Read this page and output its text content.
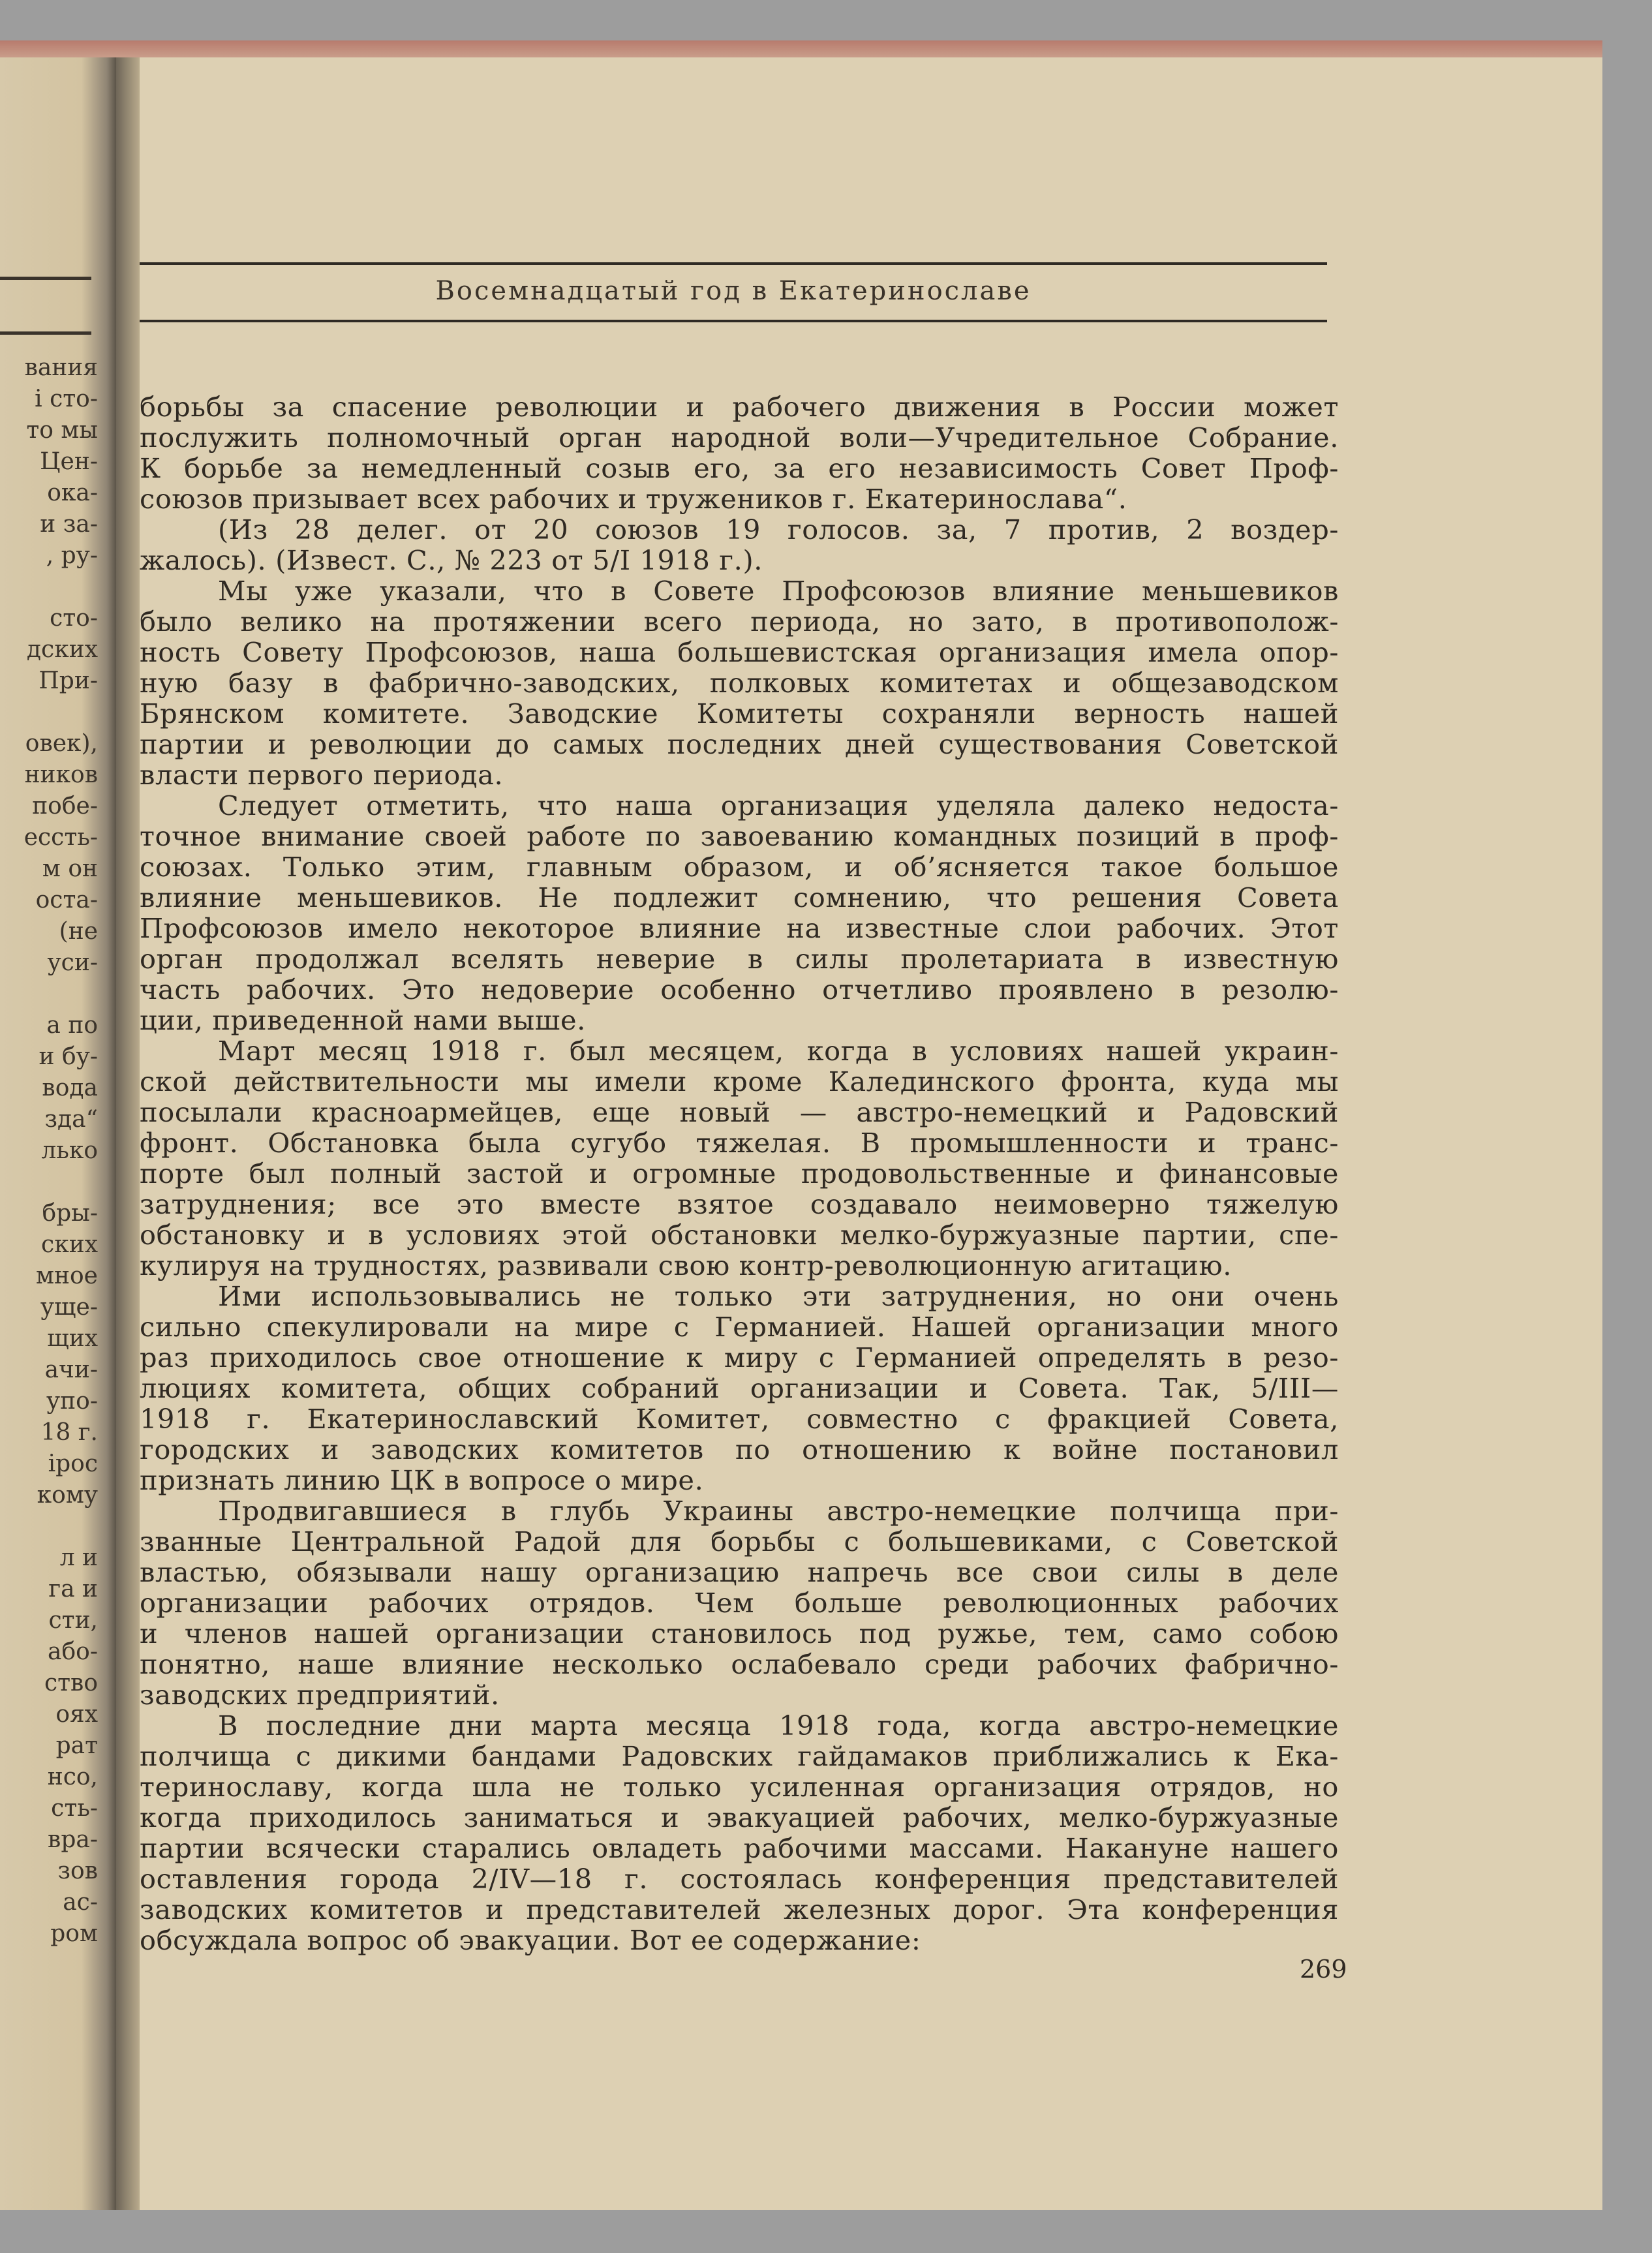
вания
і сто-
то мы
Цен-
ока-
и за-
, ру-
сто-
дских
При-
овек),
ников
побе-
ессть-
м он
оста-
(не
уси-
а по
и бу-
вода
зда“
лько
бры-
ских
мное
уще-
щих
ачи-
упо-
18 г.
ірос
кому
л и
га и
сти,
або-
ство
оях
рат
нсо,
сть-
вра-
зов
ас-
ром
Восемнадцатый год в Екатеринославе
борьбы за спасение революции и рабочего движения в России может
послужить полномочный орган народной воли—Учредительное Собрание.
К борьбе за немедленный созыв его, за его независимость Совет Проф-
союзов призывает всех рабочих и тружеников г. Екатеринослава“.
(Из 28 делег. от 20 союзов 19 голосов. за, 7 против, 2 воздер-
жалось). (Извест. С., № 223 от 5/І 1918 г.).
Мы уже указали, что в Совете Профсоюзов влияние меньшевиков
было велико на протяжении всего периода, но зато, в противополож-
ность Совету Профсоюзов, наша большевистская организация имела опор-
ную базу в фабрично-заводских, полковых комитетах и общезаводском
Брянском комитете. Заводские Комитеты сохраняли верность нашей
партии и революции до самых последних дней существования Советской
власти первого периода.
Следует отметить, что наша организация уделяла далеко недоста-
точное внимание своей работе по завоеванию командных позиций в проф-
союзах. Только этим, главным образом, и об’ясняется такое большое
влияние меньшевиков. Не подлежит сомнению, что решения Совета
Профсоюзов имело некоторое влияние на известные слои рабочих. Этот
орган продолжал вселять неверие в силы пролетариата в известную
часть рабочих. Это недоверие особенно отчетливо проявлено в резолю-
ции, приведенной нами выше.
Март месяц 1918 г. был месяцем, когда в условиях нашей украин-
ской действительности мы имели кроме Калединского фронта, куда мы
посылали красноармейцев, еще новый — австро-немецкий и Радовский
фронт. Обстановка была сугубо тяжелая. В промышленности и транс-
порте был полный застой и огромные продовольственные и финансовые
затруднения; все это вместе взятое создавало неимоверно тяжелую
обстановку и в условиях этой обстановки мелко-буржуазные партии, спе-
кулируя на трудностях, развивали свою контр-революционную агитацию.
Ими использовывались не только эти затруднения, но они очень
сильно спекулировали на мире с Германией. Нашей организации много
раз приходилось свое отношение к миру с Германией определять в резо-
люциях комитета, общих собраний организации и Совета. Так, 5/ІІІ—
1918 г. Екатеринославский Комитет, совместно с фракцией Совета,
городских и заводских комитетов по отношению к войне постановил
признать линию ЦК в вопросе о мире.
Продвигавшиеся в глубь Украины австро-немецкие полчища при-
званные Центральной Радой для борьбы с большевиками, с Советской
властью, обязывали нашу организацию напречь все свои силы в деле
организации рабочих отрядов. Чем больше революционных рабочих
и членов нашей организации становилось под ружье, тем, само собою
понятно, наше влияние несколько ослабевало среди рабочих фабрично-
заводских предприятий.
В последние дни марта месяца 1918 года, когда австро-немецкие
полчища с дикими бандами Радовских гайдамаков приближались к Ека-
теринославу, когда шла не только усиленная организация отрядов, но
когда приходилось заниматься и эвакуацией рабочих, мелко-буржуазные
партии всячески старались овладеть рабочими массами. Накануне нашего
оставления города 2/IV—18 г. состоялась конференция представителей
заводских комитетов и представителей железных дорог. Эта конференция
обсуждала вопрос об эвакуации. Вот ее содержание:
269
